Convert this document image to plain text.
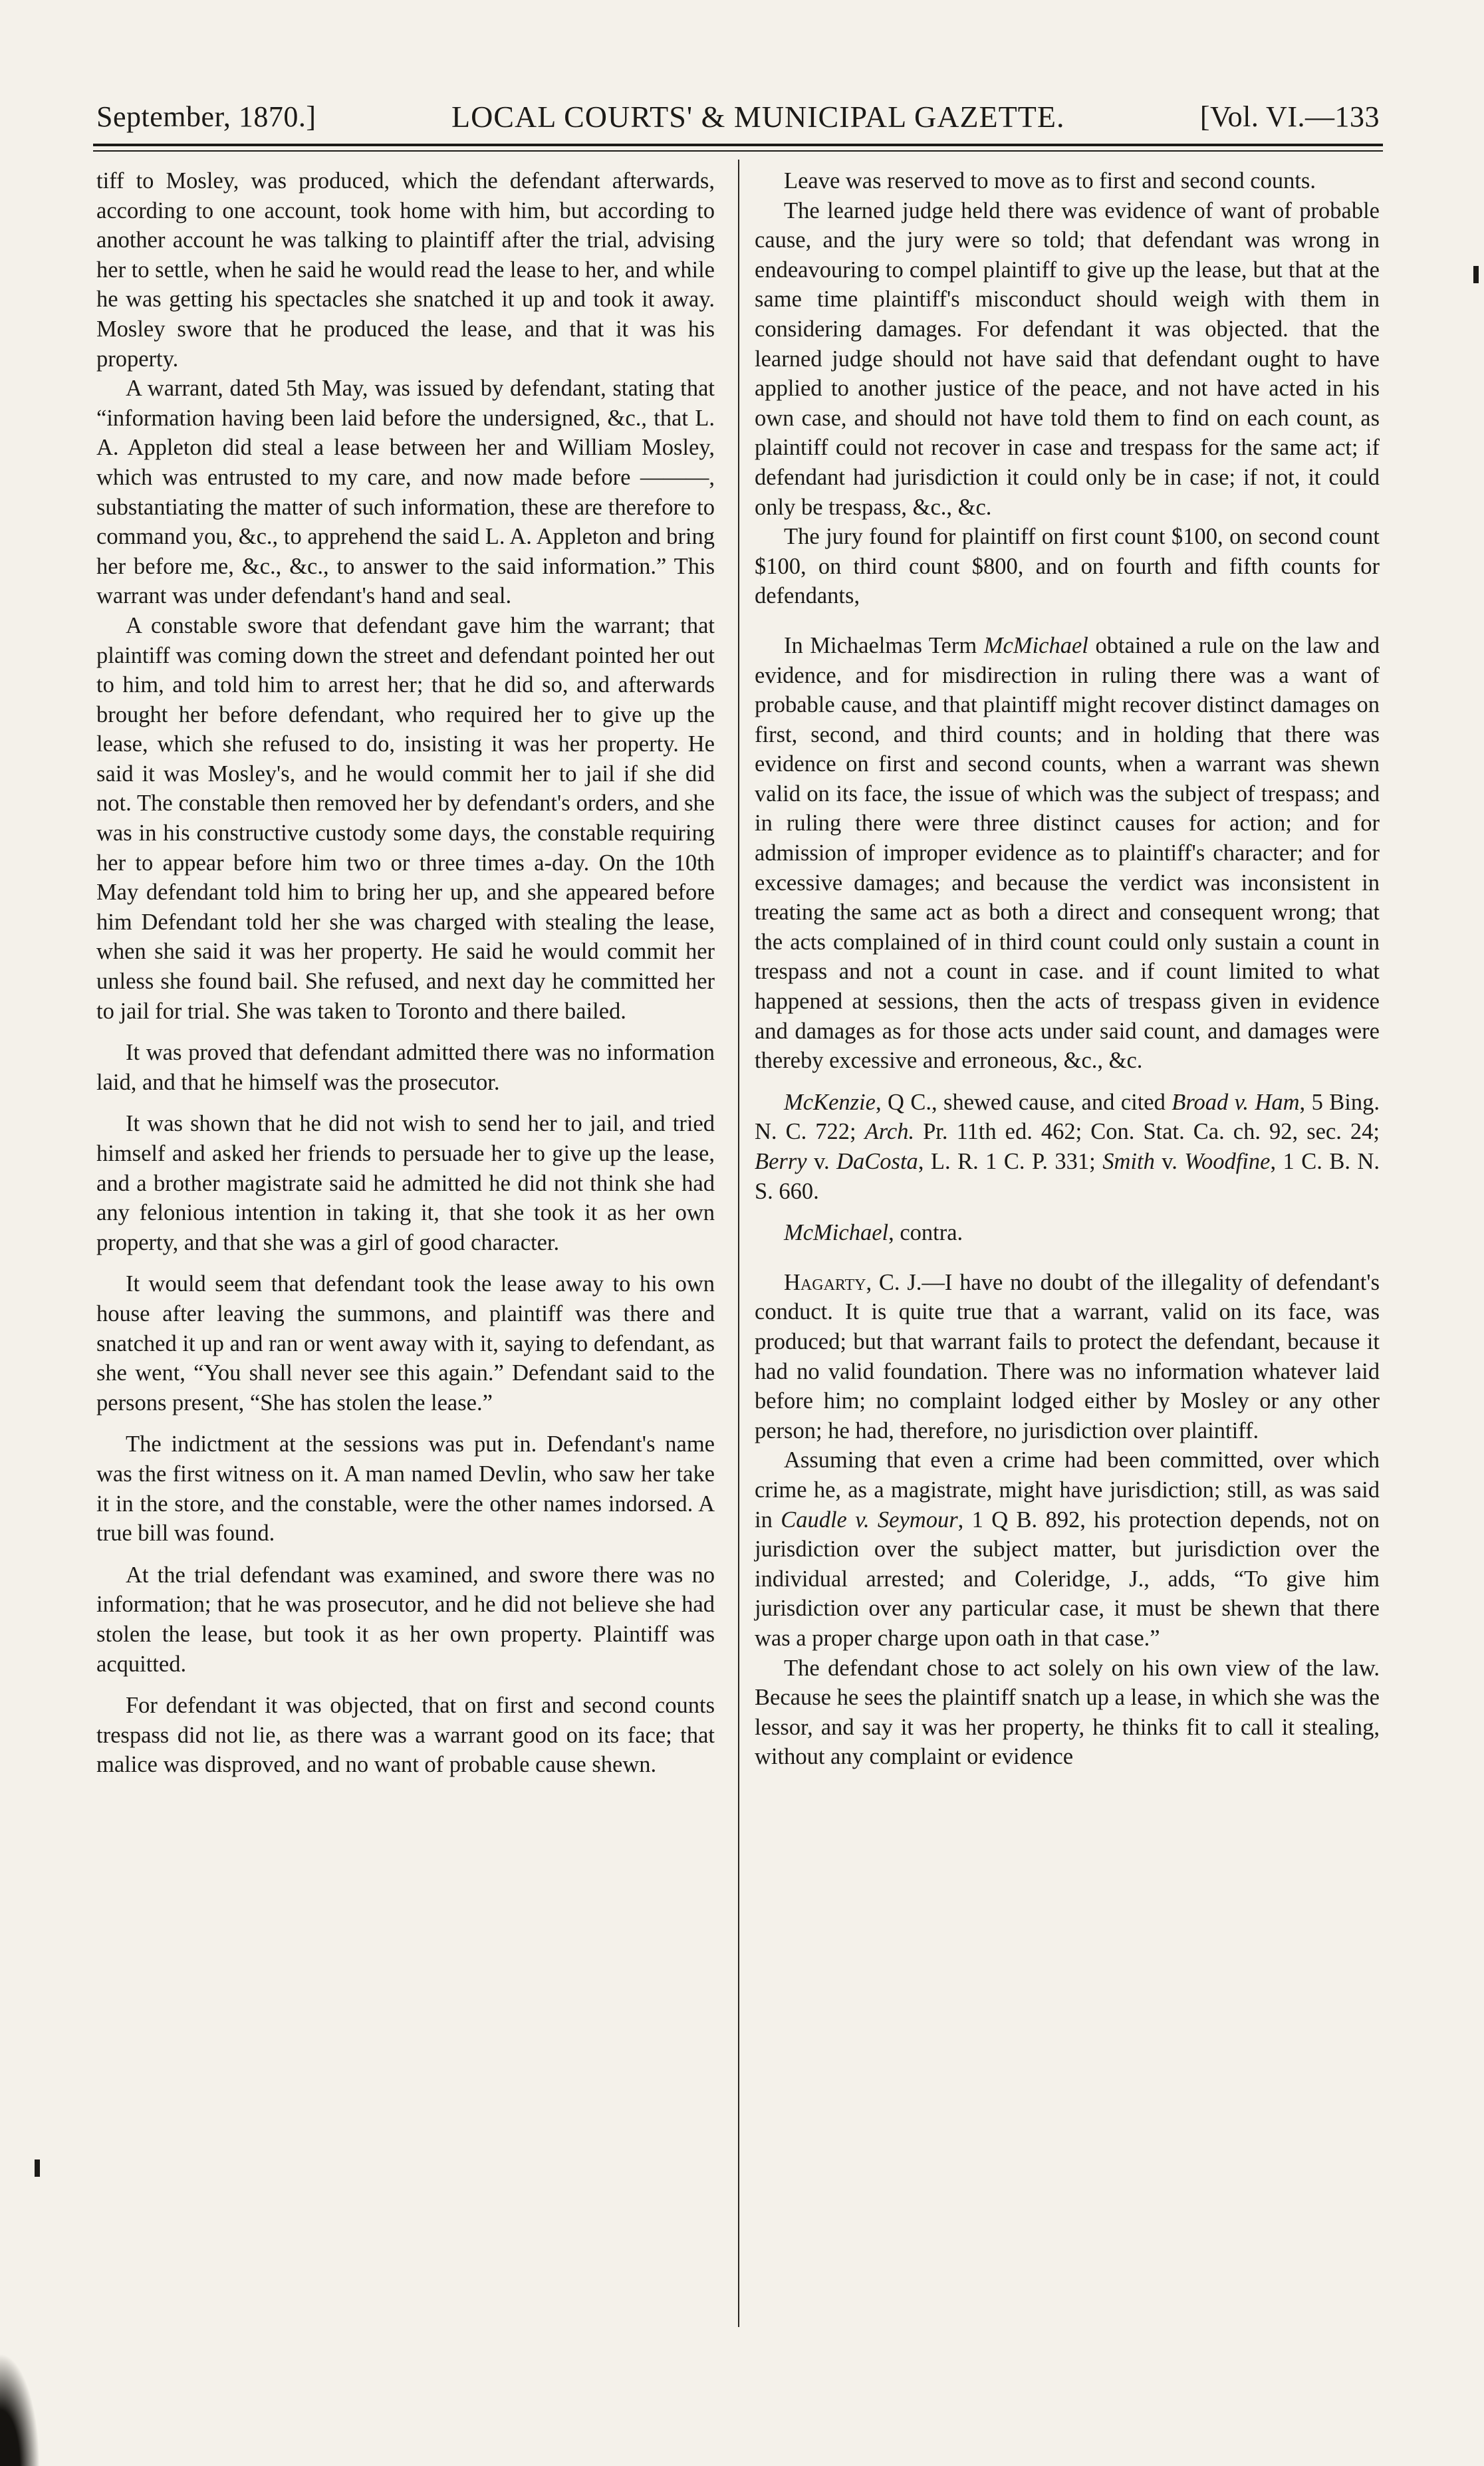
September, 1870.]	LOCAL COURTS' & MUNICIPAL GAZETTE.	[Vol. VI.—133

tiff to Mosley, was produced, which the defendant afterwards, according to one account, took home with him, but according to another account he was talking to plaintiff after the trial, advising her to settle, when he said he would read the lease to her, and while he was getting his spectacles she snatched it up and took it away. Mosley swore that he produced the lease, and that it was his property.

A warrant, dated 5th May, was issued by defendant, stating that “information having been laid before the undersigned, &c., that L. A. Appleton did steal a lease between her and William Mosley, which was entrusted to my care, and now made before ———, substantiating the matter of such information, these are therefore to command you, &c., to apprehend the said L. A. Appleton and bring her before me, &c., &c., to answer to the said information.” This warrant was under defendant's hand and seal.

A constable swore that defendant gave him the warrant; that plaintiff was coming down the street and defendant pointed her out to him, and told him to arrest her; that he did so, and afterwards brought her before defendant, who required her to give up the lease, which she refused to do, insisting it was her property. He said it was Mosley's, and he would commit her to jail if she did not. The constable then removed her by defendant's orders, and she was in his constructive custody some days, the constable requiring her to appear before him two or three times a-day. On the 10th May defendant told him to bring her up, and she appeared before him Defendant told her she was charged with stealing the lease, when she said it was her property. He said he would commit her unless she found bail. She refused, and next day he committed her to jail for trial. She was taken to Toronto and there bailed.

It was proved that defendant admitted there was no information laid, and that he himself was the prosecutor.

It was shown that he did not wish to send her to jail, and tried himself and asked her friends to persuade her to give up the lease, and a brother magistrate said he admitted he did not think she had any felonious intention in taking it, that she took it as her own property, and that she was a girl of good character.

It would seem that defendant took the lease away to his own house after leaving the summons, and plaintiff was there and snatched it up and ran or went away with it, saying to defendant, as she went, “You shall never see this again.” Defendant said to the persons present, “She has stolen the lease.”

The indictment at the sessions was put in. Defendant's name was the first witness on it. A man named Devlin, who saw her take it in the store, and the constable, were the other names indorsed. A true bill was found.

At the trial defendant was examined, and swore there was no information; that he was prosecutor, and he did not believe she had stolen the lease, but took it as her own property. Plaintiff was acquitted.

For defendant it was objected, that on first and second counts trespass did not lie, as there was a warrant good on its face; that malice was disproved, and no want of probable cause shewn.

Leave was reserved to move as to first and second counts.

The learned judge held there was evidence of want of probable cause, and the jury were so told; that defendant was wrong in endeavouring to compel plaintiff to give up the lease, but that at the same time plaintiff's misconduct should weigh with them in considering damages. For defendant it was objected. that the learned judge should not have said that defendant ought to have applied to another justice of the peace, and not have acted in his own case, and should not have told them to find on each count, as plaintiff could not recover in case and trespass for the same act; if defendant had jurisdiction it could only be in case; if not, it could only be trespass, &c., &c.

The jury found for plaintiff on first count $100, on second count $100, on third count $800, and on fourth and fifth counts for defendants,

In Michaelmas Term McMichael obtained a rule on the law and evidence, and for misdirection in ruling there was a want of probable cause, and that plaintiff might recover distinct damages on first, second, and third counts; and in holding that there was evidence on first and second counts, when a warrant was shewn valid on its face, the issue of which was the subject of trespass; and in ruling there were three distinct causes for action; and for admission of improper evidence as to plaintiff's character; and for excessive damages; and because the verdict was inconsistent in treating the same act as both a direct and consequent wrong; that the acts complained of in third count could only sustain a count in trespass and not a count in case. and if count limited to what happened at sessions, then the acts of trespass given in evidence and damages as for those acts under said count, and damages were thereby excessive and erroneous, &c., &c.

McKenzie, Q C., shewed cause, and cited Broad v. Ham, 5 Bing. N. C. 722; Arch. Pr. 11th ed. 462; Con. Stat. Ca. ch. 92, sec. 24; Berry v. DaCosta, L. R. 1 C. P. 331; Smith v. Woodfine, 1 C. B. N. S. 660.

McMichael, contra.

Hagarty, C. J.—I have no doubt of the illegality of defendant's conduct. It is quite true that a warrant, valid on its face, was produced; but that warrant fails to protect the defendant, because it had no valid foundation. There was no information whatever laid before him; no complaint lodged either by Mosley or any other person; he had, therefore, no jurisdiction over plaintiff.

Assuming that even a crime had been committed, over which crime he, as a magistrate, might have jurisdiction; still, as was said in Caudle v. Seymour, 1 Q B. 892, his protection depends, not on jurisdiction over the subject matter, but jurisdiction over the individual arrested; and Coleridge, J., adds, “To give him jurisdiction over any particular case, it must be shewn that there was a proper charge upon oath in that case.”

The defendant chose to act solely on his own view of the law. Because he sees the plaintiff snatch up a lease, in which she was the lessor, and say it was her property, he thinks fit to call it stealing, without any complaint or evidence
